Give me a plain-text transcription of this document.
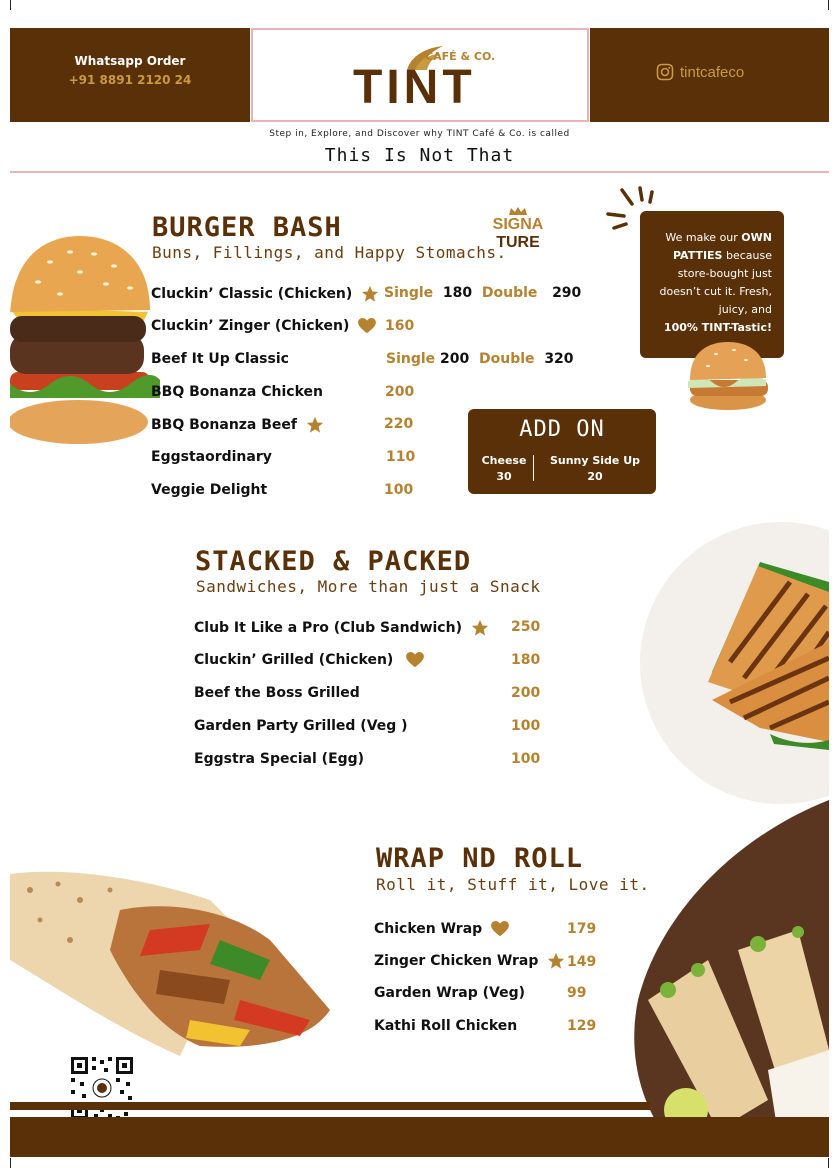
Whatsapp Order
+91 8891 2120 24
CAFÉ & CO.
TINT	tintcafeco
Step in, Explore, and Discover why TINT Café & Co. is called
This Is Not That
BURGER BASH
Buns, Fillings, and Happy Stomachs.
SIGNA
TURE
Cluckin’ Classic (Chicken)	Single 180 Double 290
Cluckin’ Zinger (Chicken)	160
Beef It Up Classic	Single 200 Double 320
BBQ Bonanza Chicken	200
BBQ Bonanza Beef	220
Eggstaordinary	110
Veggie Delight	100
We make our OWN
PATTIES because
store-bought just
doesn’t cut it. Fresh,
juicy, and
100% TINT-Tastic!
ADD ON
Cheese
30
Sunny Side Up
20
STACKED & PACKED
Sandwiches, More than just a Snack
Club It Like a Pro (Club Sandwich)	250
Cluckin’ Grilled (Chicken)	180
Beef the Boss Grilled	200
Garden Party Grilled (Veg )	100
Eggstra Special (Egg)	100
WRAP ND ROLL
Roll it, Stuff it, Love it.
Chicken Wrap	179
Zinger Chicken Wrap	149
Garden Wrap (Veg)	99
Kathi Roll Chicken	129
